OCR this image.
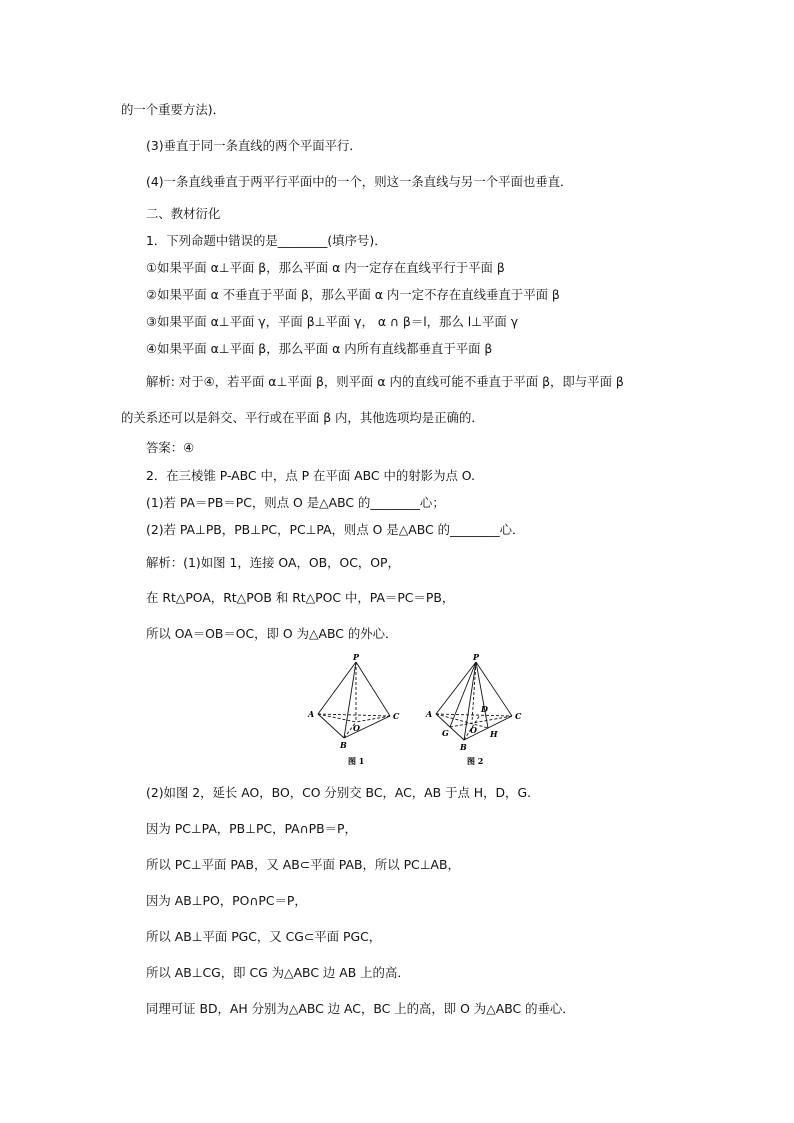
的一个重要方法)．
(3)垂直于同一条直线的两个平面平行．
(4)一条直线垂直于两平行平面中的一个，则这一条直线与另一个平面也垂直．
二、教材衍化
1．下列命题中错误的是________(填序号)．
①如果平面 α⊥平面 β，那么平面 α 内一定存在直线平行于平面 β
②如果平面 α 不垂直于平面 β，那么平面 α 内一定不存在直线垂直于平面 β
③如果平面 α⊥平面 γ，平面 β⊥平面 γ， α ∩ β＝l，那么 l⊥平面 γ
④如果平面 α⊥平面 β，那么平面 α 内所有直线都垂直于平面 β
解析: 对于④，若平面 α⊥平面 β，则平面 α 内的直线可能不垂直于平面 β，即与平面 β
的关系还可以是斜交、平行或在平面 β 内，其他选项均是正确的．
答案：④
2．在三棱锥 P-ABC 中，点 P 在平面 ABC 中的射影为点 O.
(1)若 PA＝PB＝PC，则点 O 是△ABC 的________心；
(2)若 PA⊥PB，PB⊥PC，PC⊥PA，则点 O 是△ABC 的________心．
解析：(1)如图 1，连接 OA，OB，OC，OP，
在 Rt△POA，Rt△POB 和 Rt△POC 中，PA＝PC＝PB，
所以 OA＝OB＝OC，即 O 为△ABC 的外心．
P
A
B
C
O
图 1
P
A
B
C
O
D
G	H
图 2
(2)如图 2，延长 AO，BO，CO 分别交 BC，AC，AB 于点 H，D，G.
因为 PC⊥PA，PB⊥PC，PA∩PB＝P，
所以 PC⊥平面 PAB，又 AB⊂平面 PAB，所以 PC⊥AB，
因为 AB⊥PO，PO∩PC＝P，
所以 AB⊥平面 PGC，又 CG⊂平面 PGC，
所以 AB⊥CG，即 CG 为△ABC 边 AB 上的高．
同理可证 BD，AH 分别为△ABC 边 AC，BC 上的高，即 O 为△ABC 的垂心．
